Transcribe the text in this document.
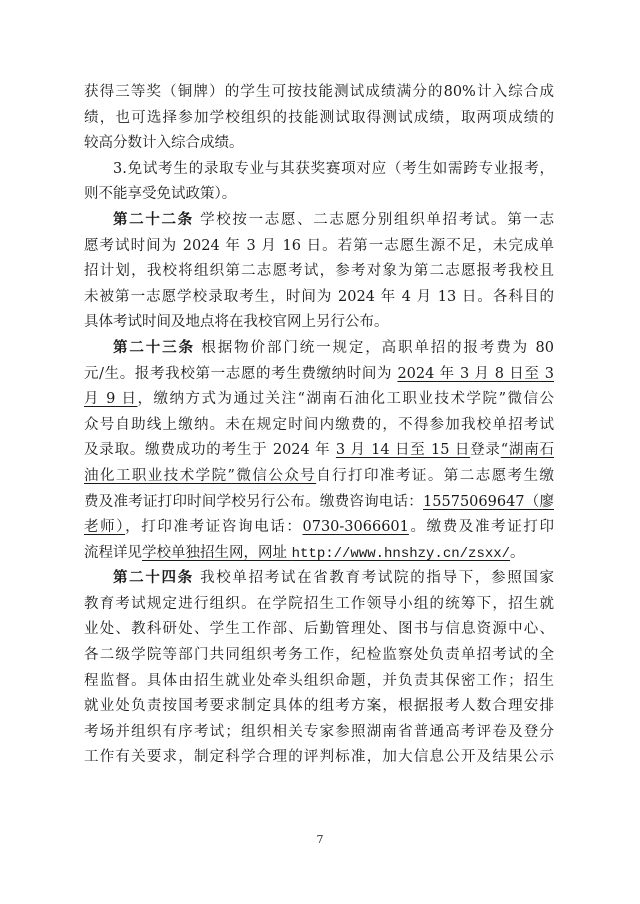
获得三等奖（铜牌）的学生可按技能测试成绩满分的80%计入综合成
绩，也可选择参加学校组织的技能测试取得测试成绩，取两项成绩的
较高分数计入综合成绩。
3.免试考生的录取专业与其获奖赛项对应（考生如需跨专业报考，
则不能享受免试政策）。
第二十二条 学校按一志愿、二志愿分别组织单招考试。第一志
愿考试时间为 2024 年 3 月 16 日。若第一志愿生源不足，未完成单
招计划，我校将组织第二志愿考试，参考对象为第二志愿报考我校且
未被第一志愿学校录取考生，时间为 2024 年 4 月 13 日。各科目的
具体考试时间及地点将在我校官网上另行公布。
第二十三条 根据物价部门统一规定，高职单招的报考费为 80
元/生。报考我校第一志愿的考生费缴纳时间为 2024 年 3 月 8 日至 3
月 9 日，缴纳方式为通过关注“湖南石油化工职业技术学院”微信公
众号自助线上缴纳。未在规定时间内缴费的，不得参加我校单招考试
及录取。缴费成功的考生于 2024 年 3 月 14 日至 15 日登录“湖南石
油化工职业技术学院”微信公众号自行打印准考证。第二志愿考生缴
费及准考证打印时间学校另行公布。缴费咨询电话：15575069647（廖
老师），打印准考证咨询电话：0730-3066601。缴费及准考证打印
流程详见学校单独招生网，网址 http://www.hnshzy.cn/zsxx/。
第二十四条 我校单招考试在省教育考试院的指导下，参照国家
教育考试规定进行组织。在学院招生工作领导小组的统筹下，招生就
业处、教科研处、学生工作部、后勤管理处、图书与信息资源中心、
各二级学院等部门共同组织考务工作，纪检监察处负责单招考试的全
程监督。具体由招生就业处牵头组织命题，并负责其保密工作；招生
就业处负责按国考要求制定具体的组考方案，根据报考人数合理安排
考场并组织有序考试；组织相关专家参照湖南省普通高考评卷及登分
工作有关要求，制定科学合理的评判标准，加大信息公开及结果公示
7
